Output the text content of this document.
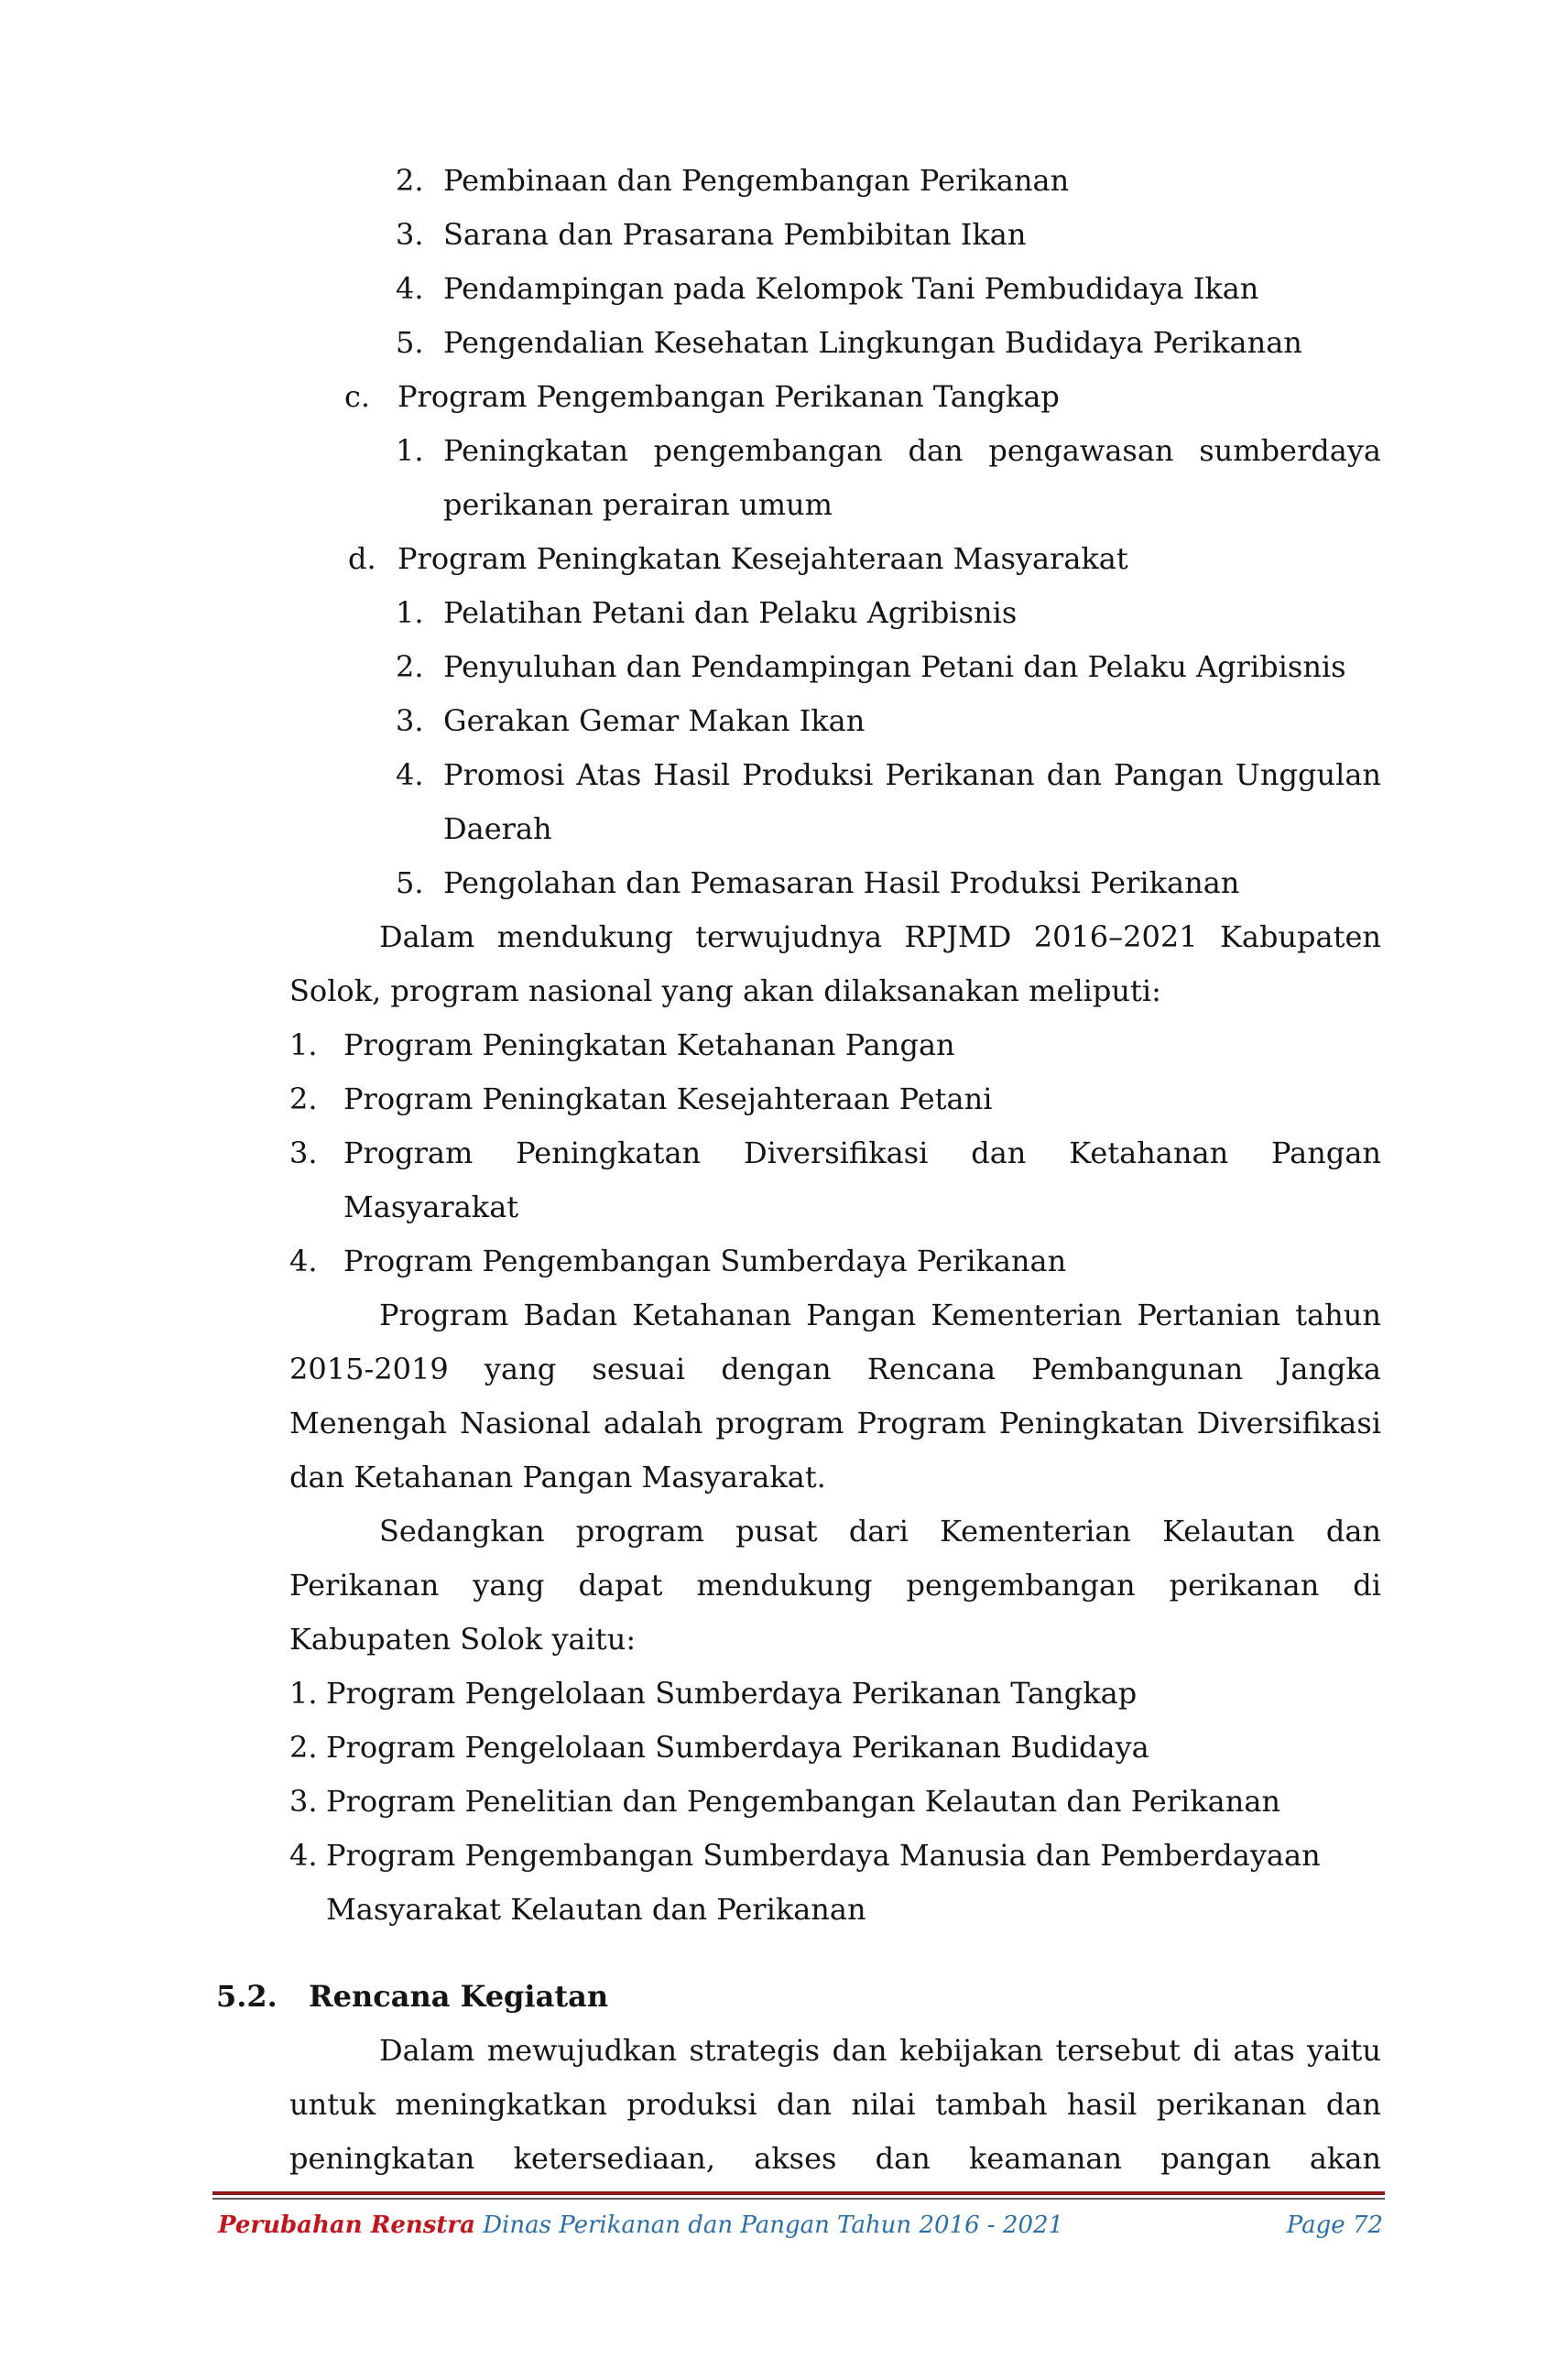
2. Pembinaan dan Pengembangan Perikanan
3. Sarana dan Prasarana Pembibitan Ikan
4. Pendampingan pada Kelompok Tani Pembudidaya Ikan
5. Pengendalian Kesehatan Lingkungan Budidaya Perikanan
c. Program Pengembangan Perikanan Tangkap
1. Peningkatan pengembangan dan pengawasan sumberdaya
perikanan perairan umum
d. Program Peningkatan Kesejahteraan Masyarakat
1. Pelatihan Petani dan Pelaku Agribisnis
2. Penyuluhan dan Pendampingan Petani dan Pelaku Agribisnis
3. Gerakan Gemar Makan Ikan
4. Promosi Atas Hasil Produksi Perikanan dan Pangan Unggulan
Daerah
5. Pengolahan dan Pemasaran Hasil Produksi Perikanan
Dalam mendukung terwujudnya RPJMD 2016–2021 Kabupaten
Solok, program nasional yang akan dilaksanakan meliputi:
1. Program Peningkatan Ketahanan Pangan
2. Program Peningkatan Kesejahteraan Petani
3. Program Peningkatan Diversifikasi dan Ketahanan Pangan
Masyarakat
4. Program Pengembangan Sumberdaya Perikanan
Program Badan Ketahanan Pangan Kementerian Pertanian tahun
2015-2019 yang sesuai dengan Rencana Pembangunan Jangka
Menengah Nasional adalah program Program Peningkatan Diversifikasi
dan Ketahanan Pangan Masyarakat.
Sedangkan program pusat dari Kementerian Kelautan dan
Perikanan yang dapat mendukung pengembangan perikanan di
Kabupaten Solok yaitu:
1. Program Pengelolaan Sumberdaya Perikanan Tangkap
2. Program Pengelolaan Sumberdaya Perikanan Budidaya
3. Program Penelitian dan Pengembangan Kelautan dan Perikanan
4. Program Pengembangan Sumberdaya Manusia dan Pemberdayaan
Masyarakat Kelautan dan Perikanan
5.2. Rencana Kegiatan
Dalam mewujudkan strategis dan kebijakan tersebut di atas yaitu
untuk meningkatkan produksi dan nilai tambah hasil perikanan dan
peningkatan ketersediaan, akses dan keamanan pangan akan
Perubahan Renstra Dinas Perikanan dan Pangan Tahun 2016 - 2021	Page 72
